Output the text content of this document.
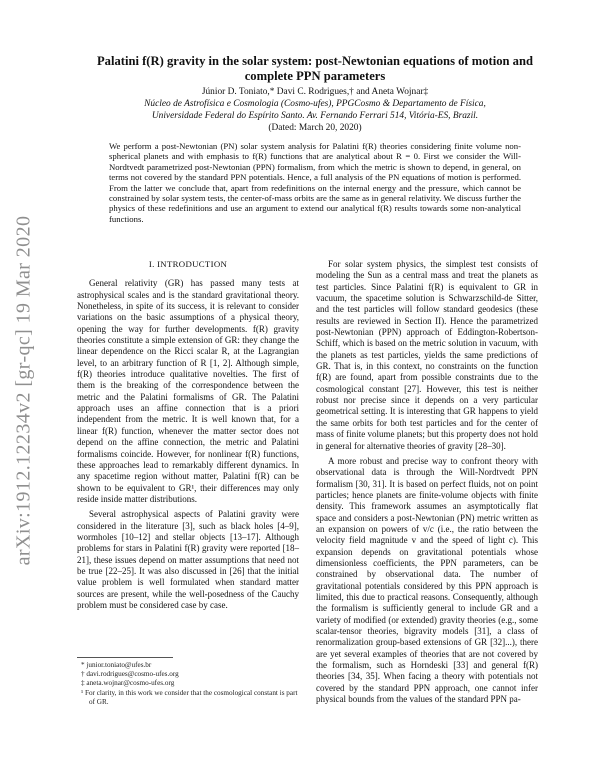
arXiv:1912.12234v2 [gr-qc] 19 Mar 2020
Palatini f(R) gravity in the solar system: post-Newtonian equations of motion and complete PPN parameters
Júnior D. Toniato,* Davi C. Rodrigues,† and Aneta Wojnar‡
Núcleo de Astrofísica e Cosmologia (Cosmo-ufes), PPGCosmo & Departamento de Física,
Universidade Federal do Espírito Santo. Av. Fernando Ferrari 514, Vitória-ES, Brazil.
(Dated: March 20, 2020)
We perform a post-Newtonian (PN) solar system analysis for Palatini f(R) theories considering finite volume non-spherical planets and with emphasis to f(R) functions that are analytical about R = 0. First we consider the Will-Nordtvedt parametrized post-Newtonian (PPN) formalism, from which the metric is shown to depend, in general, on terms not covered by the standard PPN potentials. Hence, a full analysis of the PN equations of motion is performed. From the latter we conclude that, apart from redefinitions on the internal energy and the pressure, which cannot be constrained by solar system tests, the center-of-mass orbits are the same as in general relativity. We discuss further the physics of these redefinitions and use an argument to extend our analytical f(R) results towards some non-analytical functions.
I. INTRODUCTION

General relativity (GR) has passed many tests at astrophysical scales and is the standard gravitational theory. Nonetheless, in spite of its success, it is relevant to consider variations on the basic assumptions of a physical theory, opening the way for further developments. f(R) gravity theories constitute a simple extension of GR: they change the linear dependence on the Ricci scalar R, at the Lagrangian level, to an arbitrary function of R [1, 2]. Although simple, f(R) theories introduce qualitative novelties. The first of them is the breaking of the correspondence between the metric and the Palatini formalisms of GR. The Palatini approach uses an affine connection that is a priori independent from the metric. It is well known that, for a linear f(R) function, whenever the matter sector does not depend on the affine connection, the metric and Palatini formalisms coincide. However, for nonlinear f(R) functions, these approaches lead to remarkably different dynamics. In any spacetime region without matter, Palatini f(R) can be shown to be equivalent to GR¹, their differences may only reside inside matter distributions.

Several astrophysical aspects of Palatini gravity were considered in the literature [3], such as black holes [4–9], wormholes [10–12] and stellar objects [13–17]. Although problems for stars in Palatini f(R) gravity were reported [18–21], these issues depend on matter assumptions that need not be true [22–25]. It was also discussed in [26] that the initial value problem is well formulated when standard matter sources are present, while the well-posedness of the Cauchy problem must be considered case by case.

For solar system physics, the simplest test consists of modeling the Sun as a central mass and treat the planets as test particles. Since Palatini f(R) is equivalent to GR in vacuum, the spacetime solution is Schwarzschild-de Sitter, and the test particles will follow standard geodesics (these results are reviewed in Section II). Hence the parametrized post-Newtonian (PPN) approach of Eddington-Robertson-Schiff, which is based on the metric solution in vacuum, with the planets as test particles, yields the same predictions of GR. That is, in this context, no constraints on the function f(R) are found, apart from possible constraints due to the cosmological constant [27]. However, this test is neither robust nor precise since it depends on a very particular geometrical setting. It is interesting that GR happens to yield the same orbits for both test particles and for the center of mass of finite volume planets; but this property does not hold in general for alternative theories of gravity [28–30].

A more robust and precise way to confront theory with observational data is through the Will-Nordtvedt PPN formalism [30, 31]. It is based on perfect fluids, not on point particles; hence planets are finite-volume objects with finite density. This framework assumes an asymptotically flat space and considers a post-Newtonian (PN) metric written as an expansion on powers of v/c (i.e., the ratio between the velocity field magnitude v and the speed of light c). This expansion depends on gravitational potentials whose dimensionless coefficients, the PPN parameters, can be constrained by observational data. The number of gravitational potentials considered by this PPN approach is limited, this due to practical reasons. Consequently, although the formalism is sufficiently general to include GR and a variety of modified (or extended) gravity theories (e.g., some scalar-tensor theories, bigravity models [31], a class of renormalization group-based extensions of GR [32]...), there are yet several examples of theories that are not covered by the formalism, such as Horndeski [33] and general f(R) theories [34, 35]. When facing a theory with potentials not covered by the standard PPN approach, one cannot infer physical bounds from the values of the standard PPN pa-

* junior.toniato@ufes.br
† davi.rodrigues@cosmo-ufes.org
‡ aneta.wojnar@cosmo-ufes.org
¹ For clarity, in this work we consider that the cosmological constant is part of GR.
